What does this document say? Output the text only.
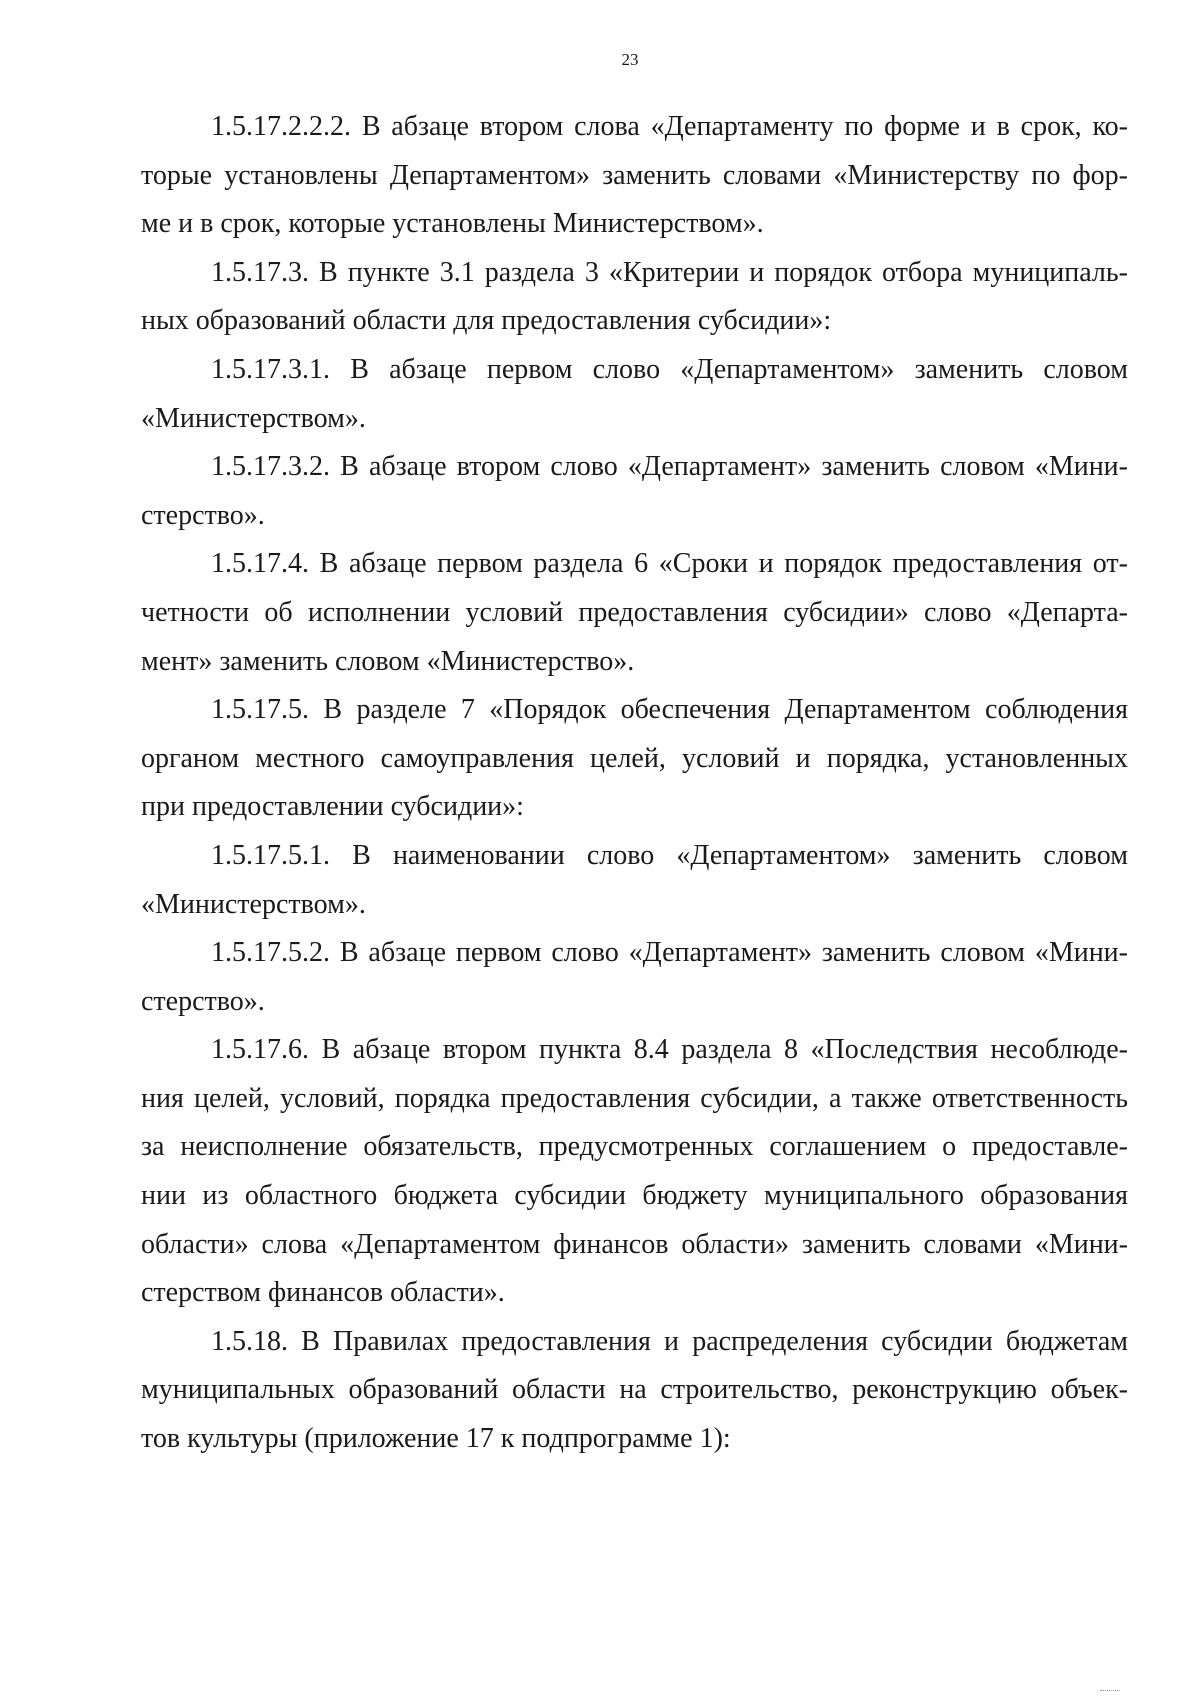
23
1.5.17.2.2.2. В абзаце втором слова «Департаменту по форме и в срок, ко-
торые установлены Департаментом» заменить словами «Министерству по фор-
ме и в срок, которые установлены Министерством».
1.5.17.3. В пункте 3.1 раздела 3 «Критерии и порядок отбора муниципаль-
ных образований области для предоставления субсидии»:
1.5.17.3.1. В абзаце первом слово «Департаментом» заменить словом
«Министерством».
1.5.17.3.2. В абзаце втором слово «Департамент» заменить словом «Мини-
стерство».
1.5.17.4. В абзаце первом раздела 6 «Сроки и порядок предоставления от-
четности об исполнении условий предоставления субсидии» слово «Департа-
мент» заменить словом «Министерство».
1.5.17.5. В разделе 7 «Порядок обеспечения Департаментом соблюдения
органом местного самоуправления целей, условий и порядка, установленных
при предоставлении субсидии»:
1.5.17.5.1. В наименовании слово «Департаментом» заменить словом
«Министерством».
1.5.17.5.2. В абзаце первом слово «Департамент» заменить словом «Мини-
стерство».
1.5.17.6. В абзаце втором пункта 8.4 раздела 8 «Последствия несоблюде-
ния целей, условий, порядка предоставления субсидии, а также ответственность
за неисполнение обязательств, предусмотренных соглашением о предоставле-
нии из областного бюджета субсидии бюджету муниципального образования
области» слова «Департаментом финансов области» заменить словами «Мини-
стерством финансов области».
1.5.18. В Правилах предоставления и распределения субсидии бюджетам
муниципальных образований области на строительство, реконструкцию объек-
тов культуры (приложение 17 к подпрограмме 1):
